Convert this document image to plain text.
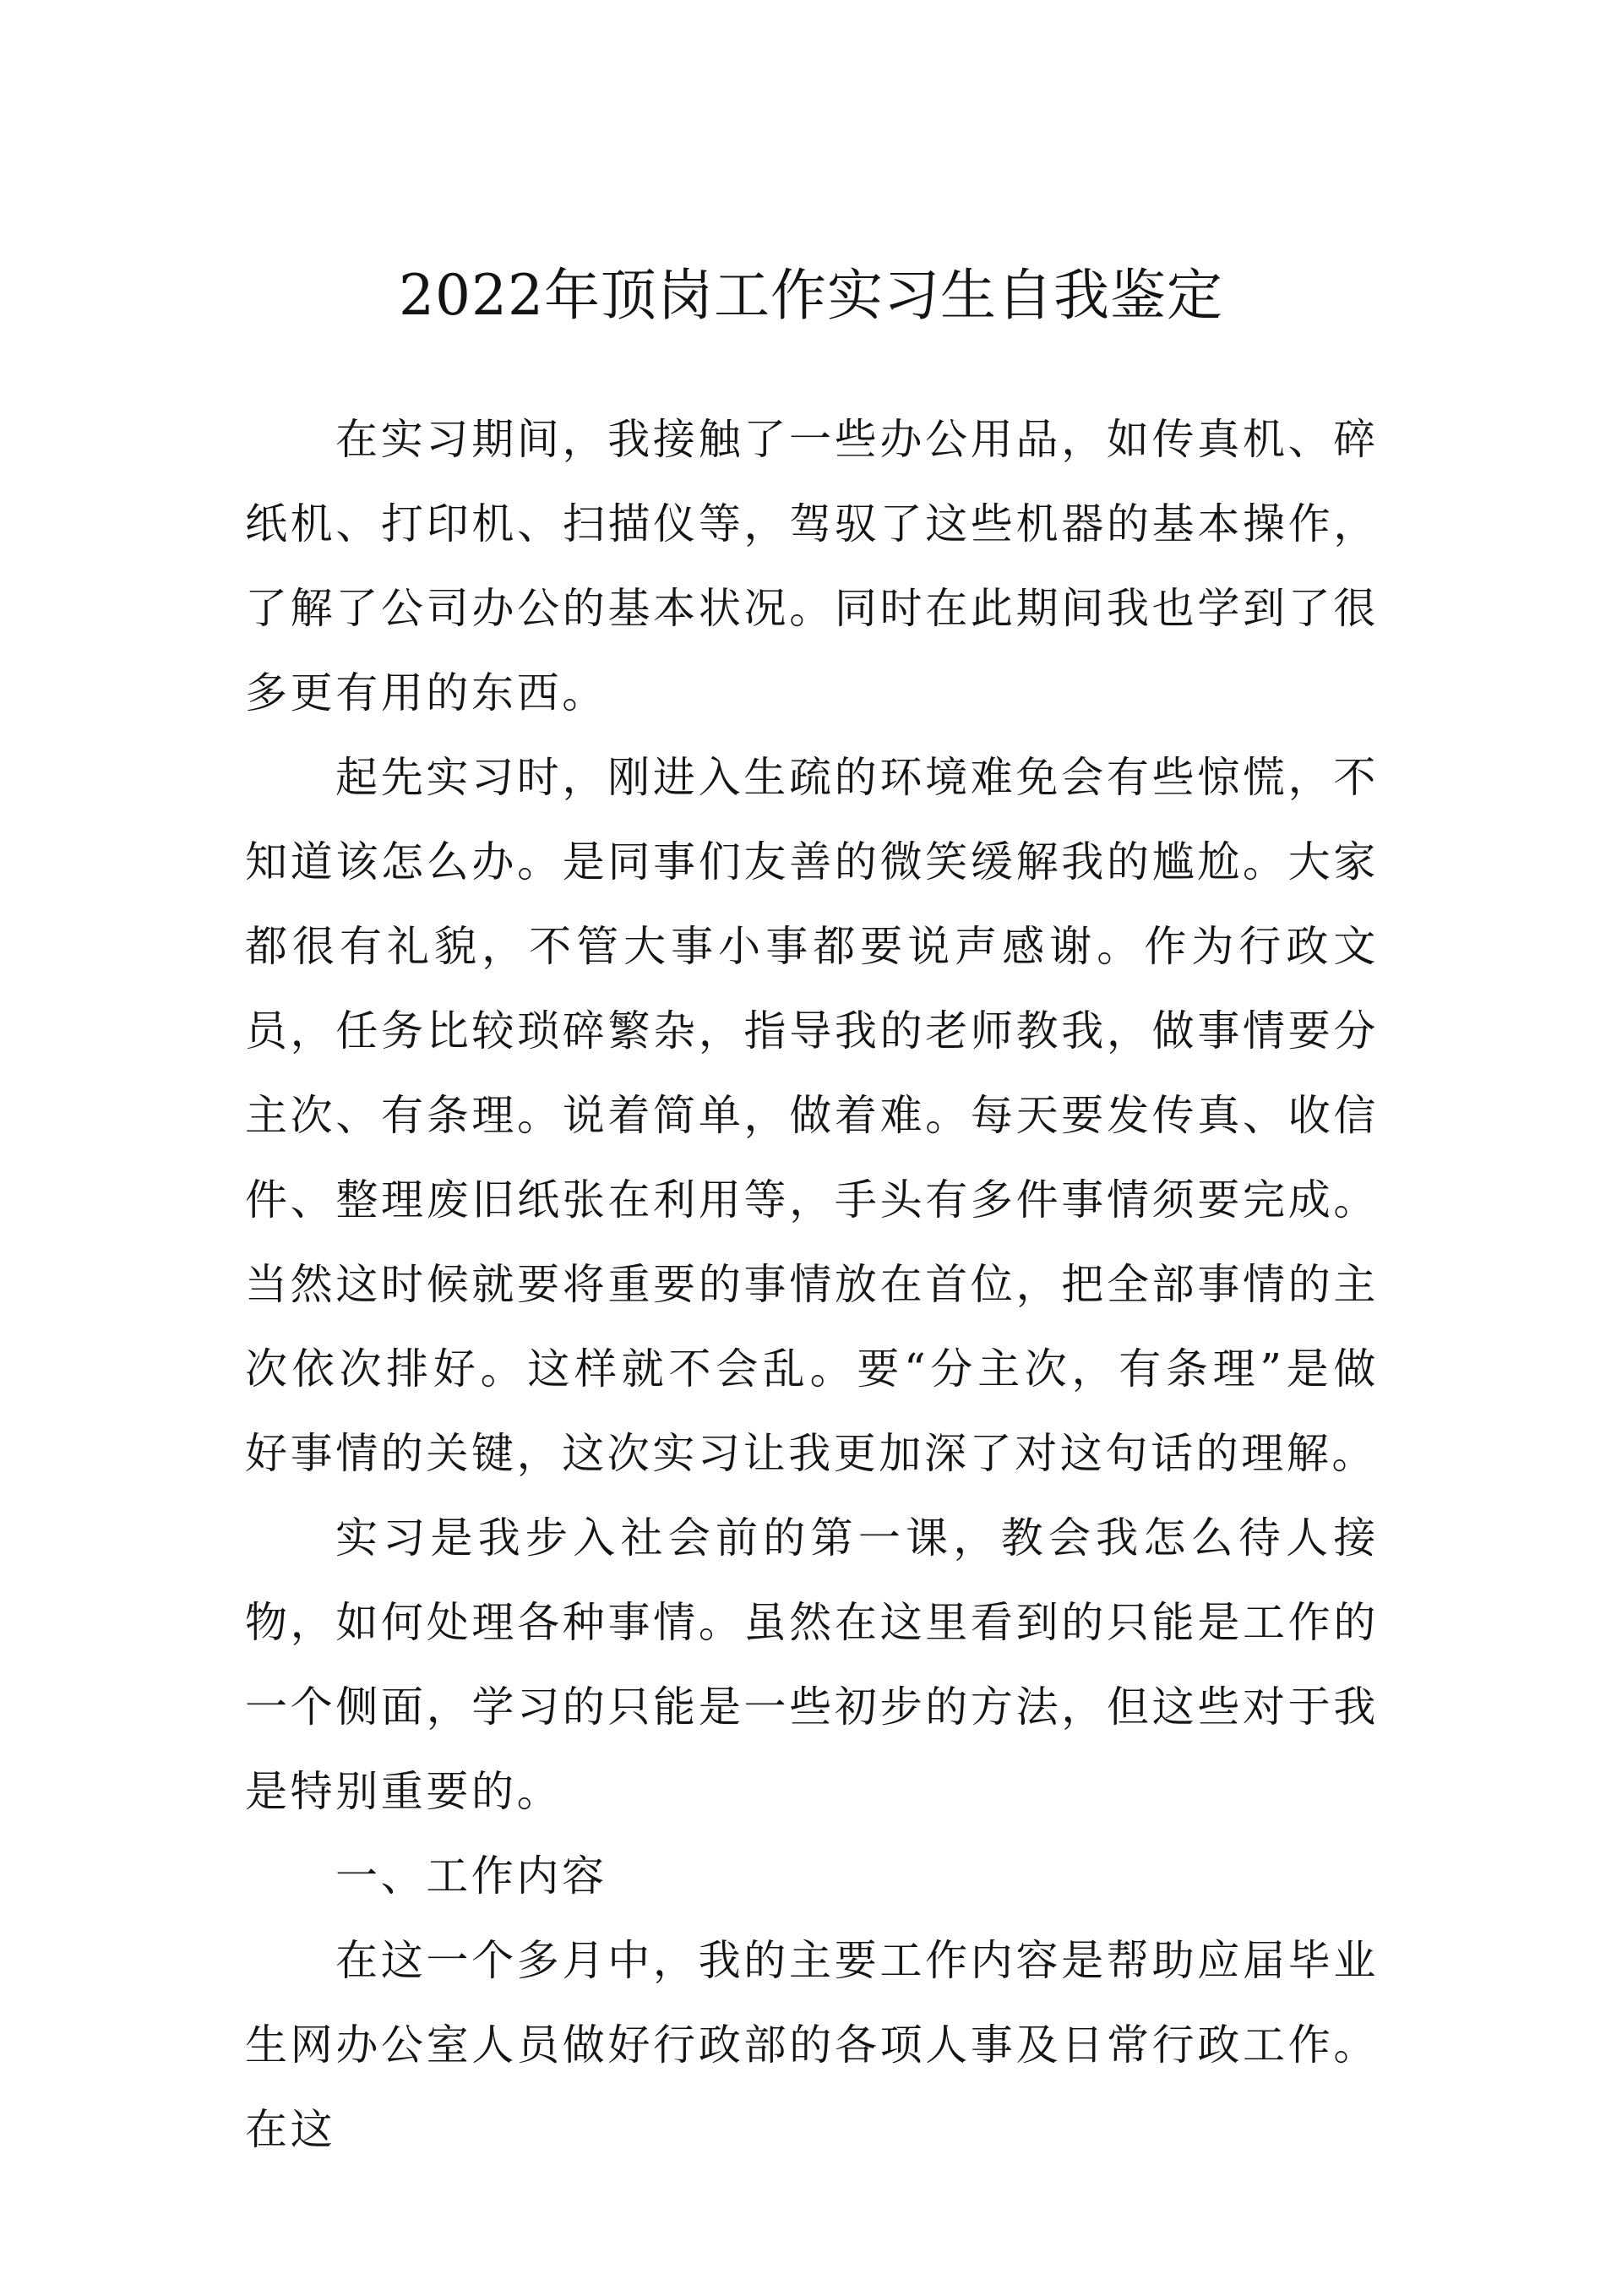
2022年顶岗工作实习生自我鉴定

在实习期间，我接触了一些办公用品，如传真机、碎纸机、打印机、扫描仪等，驾驭了这些机器的基本操作，了解了公司办公的基本状况。同时在此期间我也学到了很多更有用的东西。

起先实习时，刚进入生疏的环境难免会有些惊慌，不知道该怎么办。是同事们友善的微笑缓解我的尴尬。大家都很有礼貌，不管大事小事都要说声感谢。作为行政文员，任务比较琐碎繁杂，指导我的老师教我，做事情要分主次、有条理。说着简单，做着难。每天要发传真、收信件、整理废旧纸张在利用等，手头有多件事情须要完成。当然这时候就要将重要的事情放在首位，把全部事情的主次依次排好。这样就不会乱。要“分主次，有条理”是做好事情的关键，这次实习让我更加深了对这句话的理解。

实习是我步入社会前的第一课，教会我怎么待人接物，如何处理各种事情。虽然在这里看到的只能是工作的一个侧面，学习的只能是一些初步的方法，但这些对于我是特别重要的。

一、工作内容

在这一个多月中，我的主要工作内容是帮助应届毕业生网办公室人员做好行政部的各项人事及日常行政工作。在这
